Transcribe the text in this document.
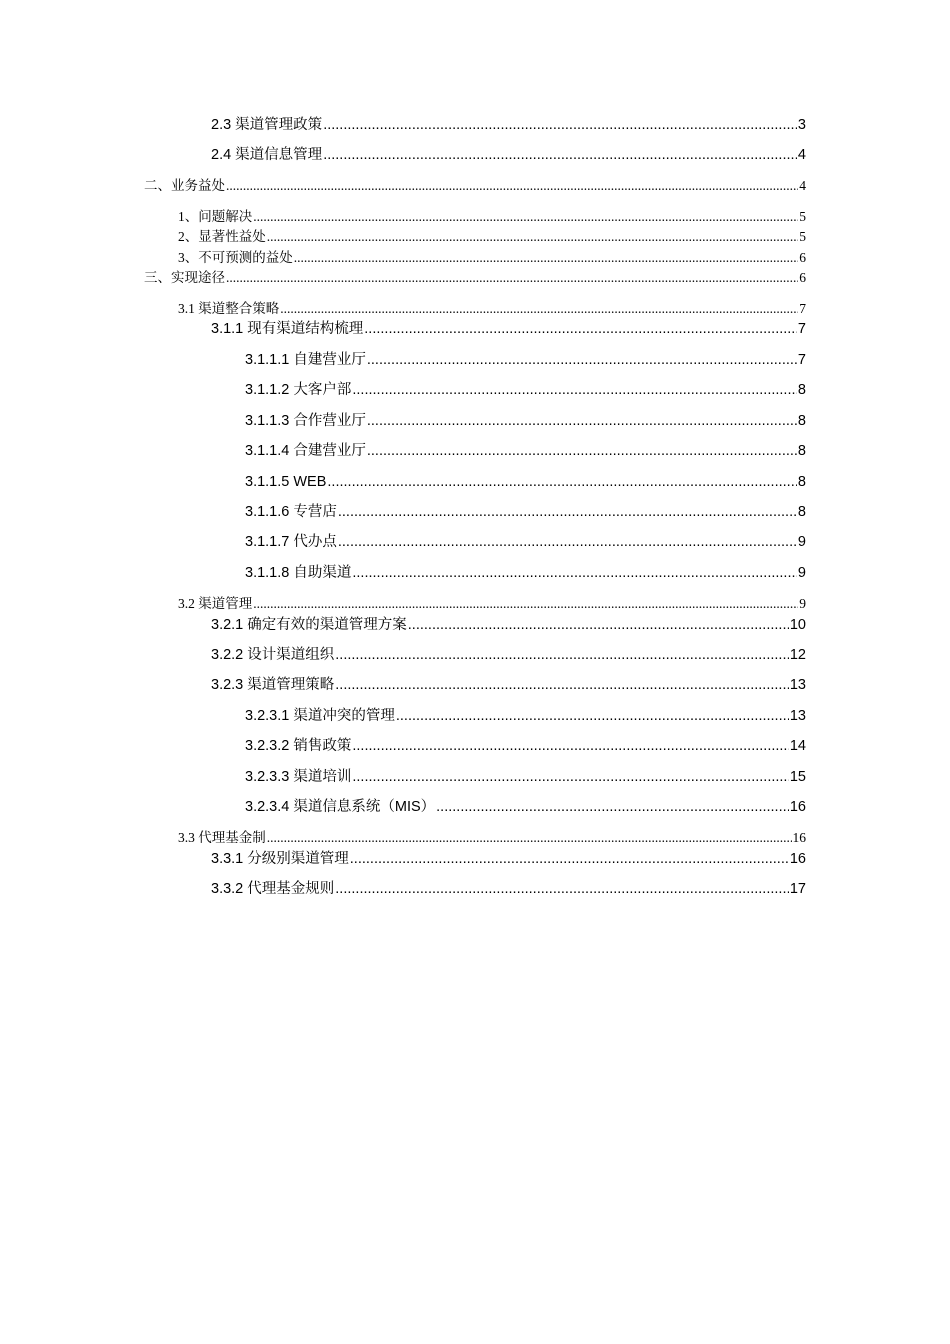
2.3 渠道管理政策 .....	3
2.4 渠道信息管理 .....	4
二、业务益处 .....	4
1、问题解决 .....	5
2、显著性益处 .....	5
3、不可预测的益处 .....	6
三、实现途径 .....	6
3.1 渠道整合策略 .....	7
3.1.1 现有渠道结构梳理 .....	7
3.1.1.1 自建营业厅 .....	7
3.1.1.2 大客户部 .....	8
3.1.1.3 合作营业厅 .....	8
3.1.1.4 合建营业厅 .....	8
3.1.1.5 WEB .....	8
3.1.1.6 专营店 .....	8
3.1.1.7 代办点 .....	9
3.1.1.8 自助渠道 .....	9
3.2 渠道管理 .....	9
3.2.1 确定有效的渠道管理方案 .....	10
3.2.2 设计渠道组织 .....	12
3.2.3 渠道管理策略 .....	13
3.2.3.1 渠道冲突的管理 .....	13
3.2.3.2 销售政策 .....	14
3.2.3.3 渠道培训 .....	15
3.2.3.4 渠道信息系统（MIS） .....	16
3.3 代理基金制 .....	16
3.3.1 分级别渠道管理 .....	16
3.3.2 代理基金规则 .....	17
